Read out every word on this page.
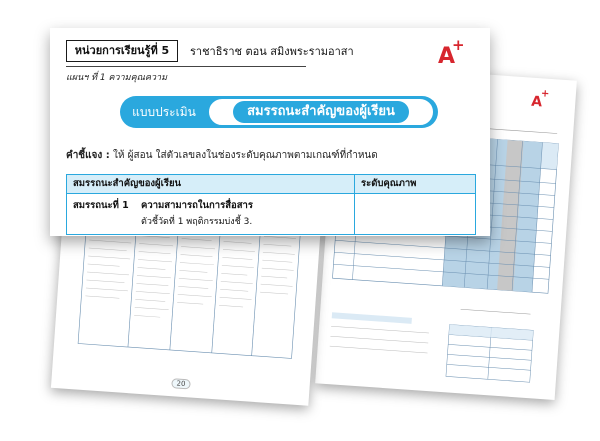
A
+
20
หน่วยการเรียนรู้ที่ 5	ราชาธิราช ตอน สมิงพระรามอาสา
แผนฯ ที่ 1 ความคุณความ
A
+
แบบประเมิน	สมรรถนะสำคัญของผู้เรียน
คำชี้แจง : ให้ ผู้สอน ใส่ตัวเลขลงในช่องระดับคุณภาพตามเกณฑ์ที่กำหนด
สมรรถนะสำคัญของผู้เรียน	ระดับคุณภาพ
สมรรถนะที่ 1 ความสามารถในการสื่อสาร
ตัวชี้วัดที่ 1 พฤติกรรมบ่งชี้ 3.
